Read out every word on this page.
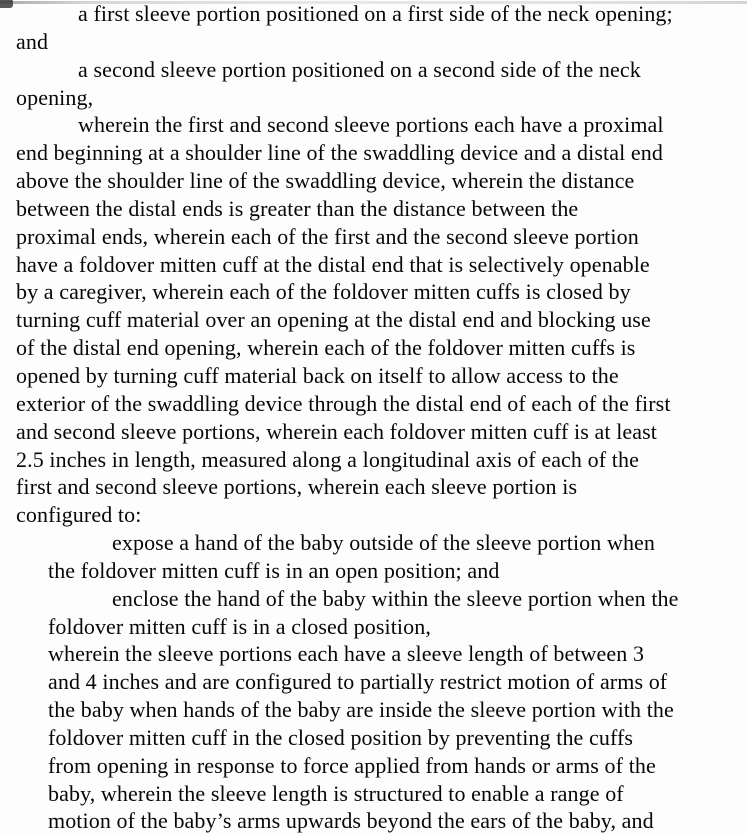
a first sleeve portion positioned on a first side of the neck opening;
and
a second sleeve portion positioned on a second side of the neck
opening,
wherein the first and second sleeve portions each have a proximal
end beginning at a shoulder line of the swaddling device and a distal end
above the shoulder line of the swaddling device, wherein the distance
between the distal ends is greater than the distance between the
proximal ends, wherein each of the first and the second sleeve portion
have a foldover mitten cuff at the distal end that is selectively openable
by a caregiver, wherein each of the foldover mitten cuffs is closed by
turning cuff material over an opening at the distal end and blocking use
of the distal end opening, wherein each of the foldover mitten cuffs is
opened by turning cuff material back on itself to allow access to the
exterior of the swaddling device through the distal end of each of the first
and second sleeve portions, wherein each foldover mitten cuff is at least
2.5 inches in length, measured along a longitudinal axis of each of the
first and second sleeve portions, wherein each sleeve portion is
configured to:
expose a hand of the baby outside of the sleeve portion when
the foldover mitten cuff is in an open position; and
enclose the hand of the baby within the sleeve portion when the
foldover mitten cuff is in a closed position,
wherein the sleeve portions each have a sleeve length of between 3
and 4 inches and are configured to partially restrict motion of arms of
the baby when hands of the baby are inside the sleeve portion with the
foldover mitten cuff in the closed position by preventing the cuffs
from opening in response to force applied from hands or arms of the
baby, wherein the sleeve length is structured to enable a range of
motion of the baby’s arms upwards beyond the ears of the baby, and
